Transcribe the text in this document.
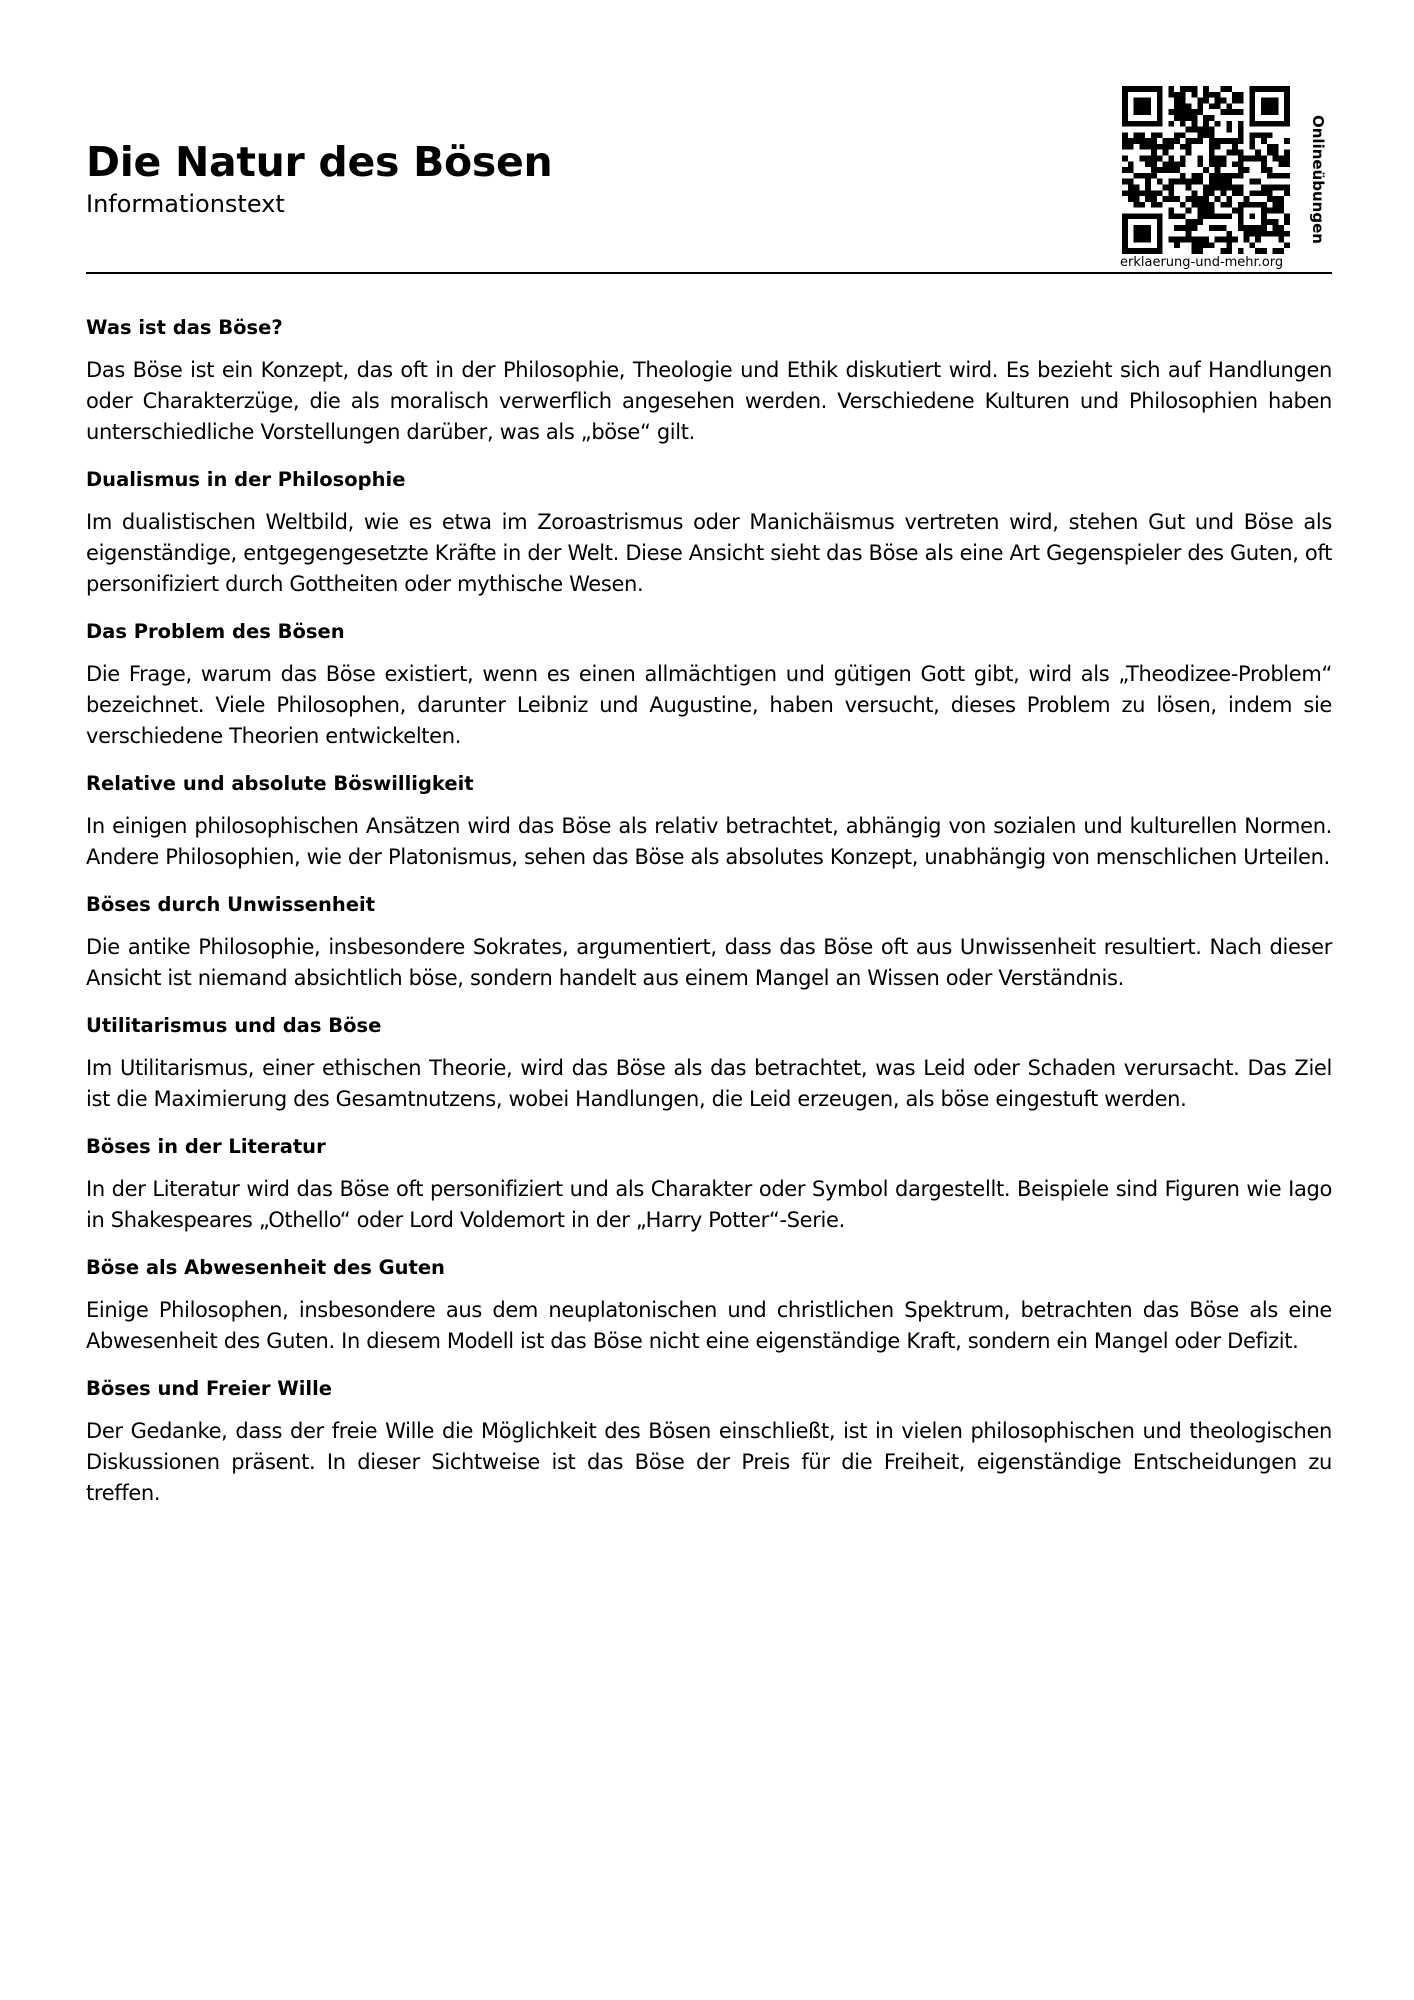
Die Natur des Bösen

Informationstext	Onlineübungen
erklaerung-und-mehr.org
Was ist das Böse?

Das Böse ist ein Konzept, das oft in der Philosophie, Theologie und Ethik diskutiert wird. Es bezieht sich auf Handlungen oder Charakterzüge, die als moralisch verwerflich angesehen werden. Verschiedene Kulturen und Philosophien haben unterschiedliche Vorstellungen darüber, was als „böse“ gilt.

Dualismus in der Philosophie

Im dualistischen Weltbild, wie es etwa im Zoroastrismus oder Manichäismus vertreten wird, stehen Gut und Böse als eigenständige, entgegengesetzte Kräfte in der Welt. Diese Ansicht sieht das Böse als eine Art Gegenspieler des Guten, oft personifiziert durch Gottheiten oder mythische Wesen.

Das Problem des Bösen

Die Frage, warum das Böse existiert, wenn es einen allmächtigen und gütigen Gott gibt, wird als „Theodizee-Problem“ bezeichnet. Viele Philosophen, darunter Leibniz und Augustine, haben versucht, dieses Problem zu lösen, indem sie verschiedene Theorien entwickelten.

Relative und absolute Böswilligkeit

In einigen philosophischen Ansätzen wird das Böse als relativ betrachtet, abhängig von sozialen und kulturellen Normen. Andere Philosophien, wie der Platonismus, sehen das Böse als absolutes Konzept, unabhängig von menschlichen Urteilen.

Böses durch Unwissenheit

Die antike Philosophie, insbesondere Sokrates, argumentiert, dass das Böse oft aus Unwissenheit resultiert. Nach dieser Ansicht ist niemand absichtlich böse, sondern handelt aus einem Mangel an Wissen oder Verständnis.

Utilitarismus und das Böse

Im Utilitarismus, einer ethischen Theorie, wird das Böse als das betrachtet, was Leid oder Schaden verursacht. Das Ziel ist die Maximierung des Gesamtnutzens, wobei Handlungen, die Leid erzeugen, als böse eingestuft werden.

Böses in der Literatur

In der Literatur wird das Böse oft personifiziert und als Charakter oder Symbol dargestellt. Beispiele sind Figuren wie Iago in Shakespeares „Othello“ oder Lord Voldemort in der „Harry Potter“-Serie.

Böse als Abwesenheit des Guten

Einige Philosophen, insbesondere aus dem neuplatonischen und christlichen Spektrum, betrachten das Böse als eine Abwesenheit des Guten. In diesem Modell ist das Böse nicht eine eigenständige Kraft, sondern ein Mangel oder Defizit.

Böses und Freier Wille

Der Gedanke, dass der freie Wille die Möglichkeit des Bösen einschließt, ist in vielen philosophischen und theologischen Diskussionen präsent. In dieser Sichtweise ist das Böse der Preis für die Freiheit, eigenständige Entscheidungen zu treffen.
